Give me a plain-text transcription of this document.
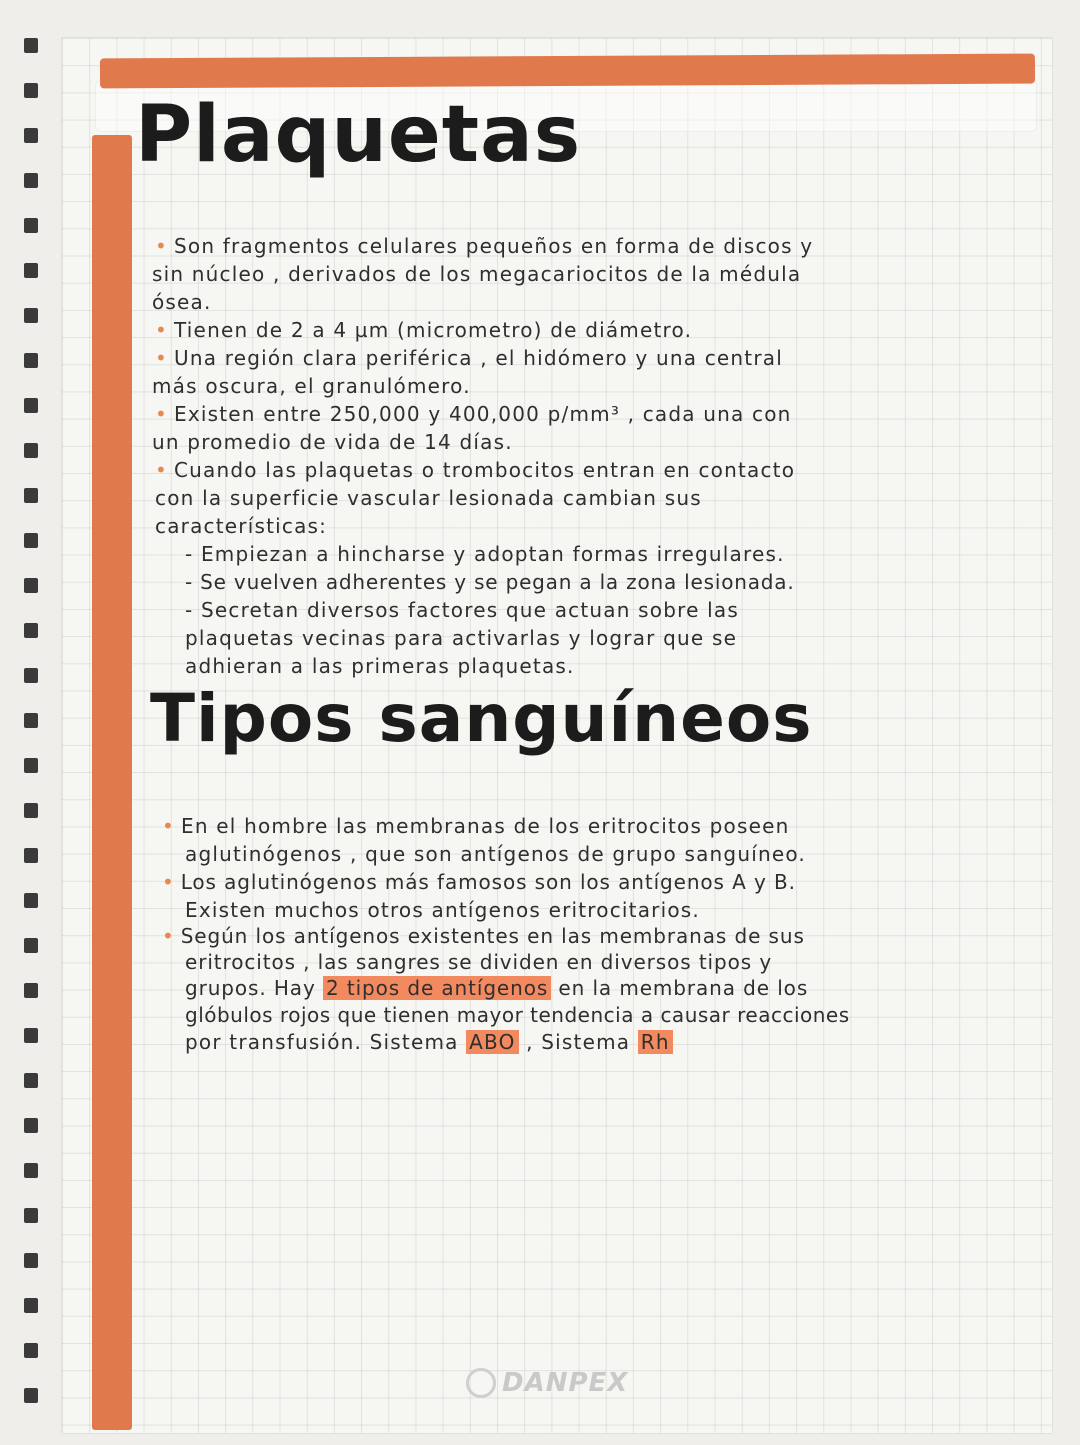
Plaquetas
• Son fragmentos celulares pequeños en forma de discos y
sin núcleo , derivados de los megacariocitos de la médula
ósea.
• Tienen de 2 a 4 µm (micrometro) de diámetro.
• Una región clara periférica , el hidómero y una central
más oscura, el granulómero.
• Existen entre 250,000 y 400,000 p/mm³ , cada una con
un promedio de vida de 14 días.
• Cuando las plaquetas o trombocitos entran en contacto
con la superficie vascular lesionada cambian sus
características:
- Empiezan a hincharse y adoptan formas irregulares.
- Se vuelven adherentes y se pegan a la zona lesionada.
- Secretan diversos factores que actuan sobre las
plaquetas vecinas para activarlas y lograr que se
adhieran a las primeras plaquetas.
Tipos sanguíneos
• En el hombre las membranas de los eritrocitos poseen
aglutinógenos , que son antígenos de grupo sanguíneo.
• Los aglutinógenos más famosos son los antígenos A y B.
Existen muchos otros antígenos eritrocitarios.
• Según los antígenos existentes en las membranas de sus
eritrocitos , las sangres se dividen en diversos tipos y
grupos. Hay 2 tipos de antígenos en la membrana de los
glóbulos rojos que tienen mayor tendencia a causar reacciones
por transfusión. Sistema ABO , Sistema Rh
DANPEX
